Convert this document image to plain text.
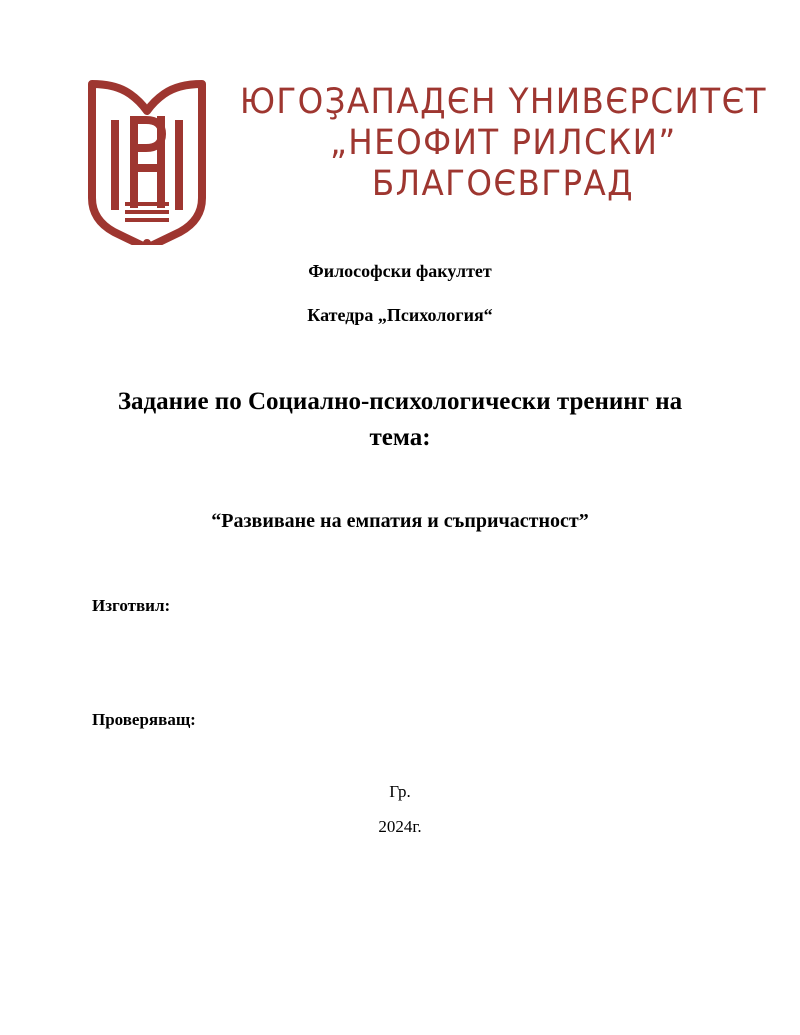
ЮГОҘАПАДЄН ҮНИВЄРСИТЄТ
„НЕОФИТ РИЛСКИ”
БЛАГОЄВГРАД
Философски факултет
Катедра „Психология“
Задание по Социално-психологически тренинг на тема:
“Развиване на емпатия и съпричастност”
Изготвил:
Проверяващ:
Гр.
2024г.
